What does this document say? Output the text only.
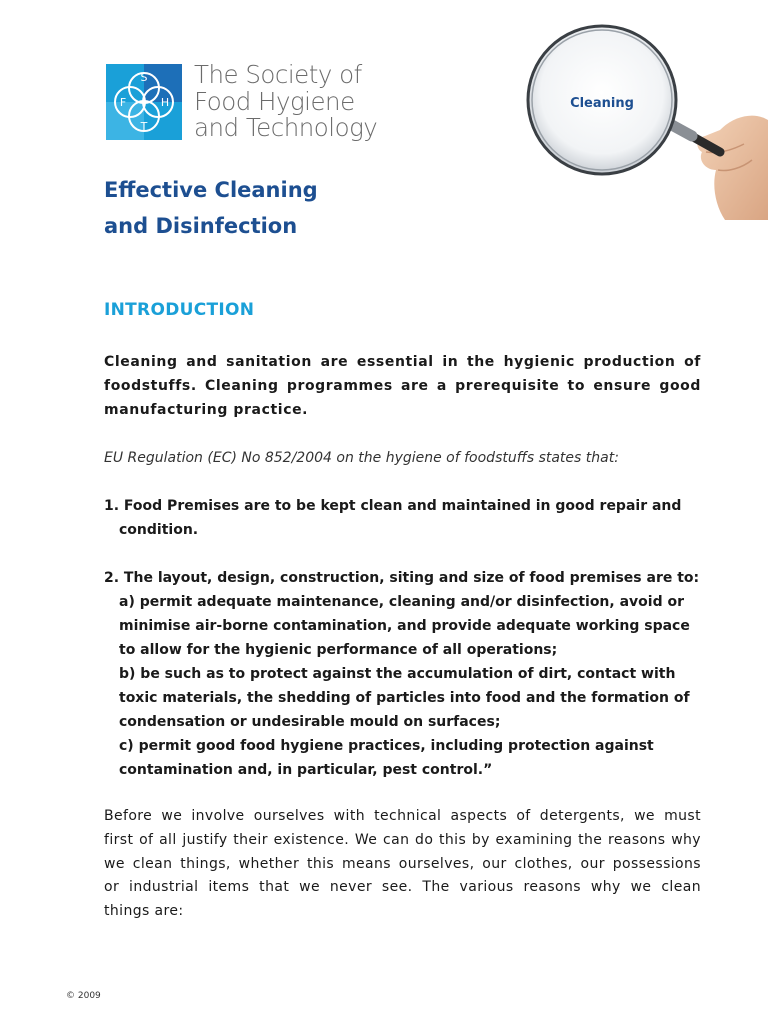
S
F	H
T
The Society of
Food Hygiene
and Technology
Cleaning
Effective Cleaning
and Disinfection
INTRODUCTION
Cleaning and sanitation are essential in the hygienic production of
foodstuffs. Cleaning programmes are a prerequisite to ensure good
manufacturing practice.
EU Regulation (EC) No 852/2004 on the hygiene of foodstuffs states that:
1. Food Premises are to be kept clean and maintained in good repair and
condition.
2. The layout, design, construction, siting and size of food premises are to:
a) permit adequate maintenance, cleaning and/or disinfection, avoid or
minimise air-borne contamination, and provide adequate working space
to allow for the hygienic performance of all operations;
b) be such as to protect against the accumulation of dirt, contact with
toxic materials, the shedding of particles into food and the formation of
condensation or undesirable mould on surfaces;
c) permit good food hygiene practices, including protection against
contamination and, in particular, pest control.”
Before we involve ourselves with technical aspects of detergents, we must
first of all justify their existence. We can do this by examining the reasons why
we clean things, whether this means ourselves, our clothes, our possessions
or industrial items that we never see. The various reasons why we clean
things are:
© 2009
